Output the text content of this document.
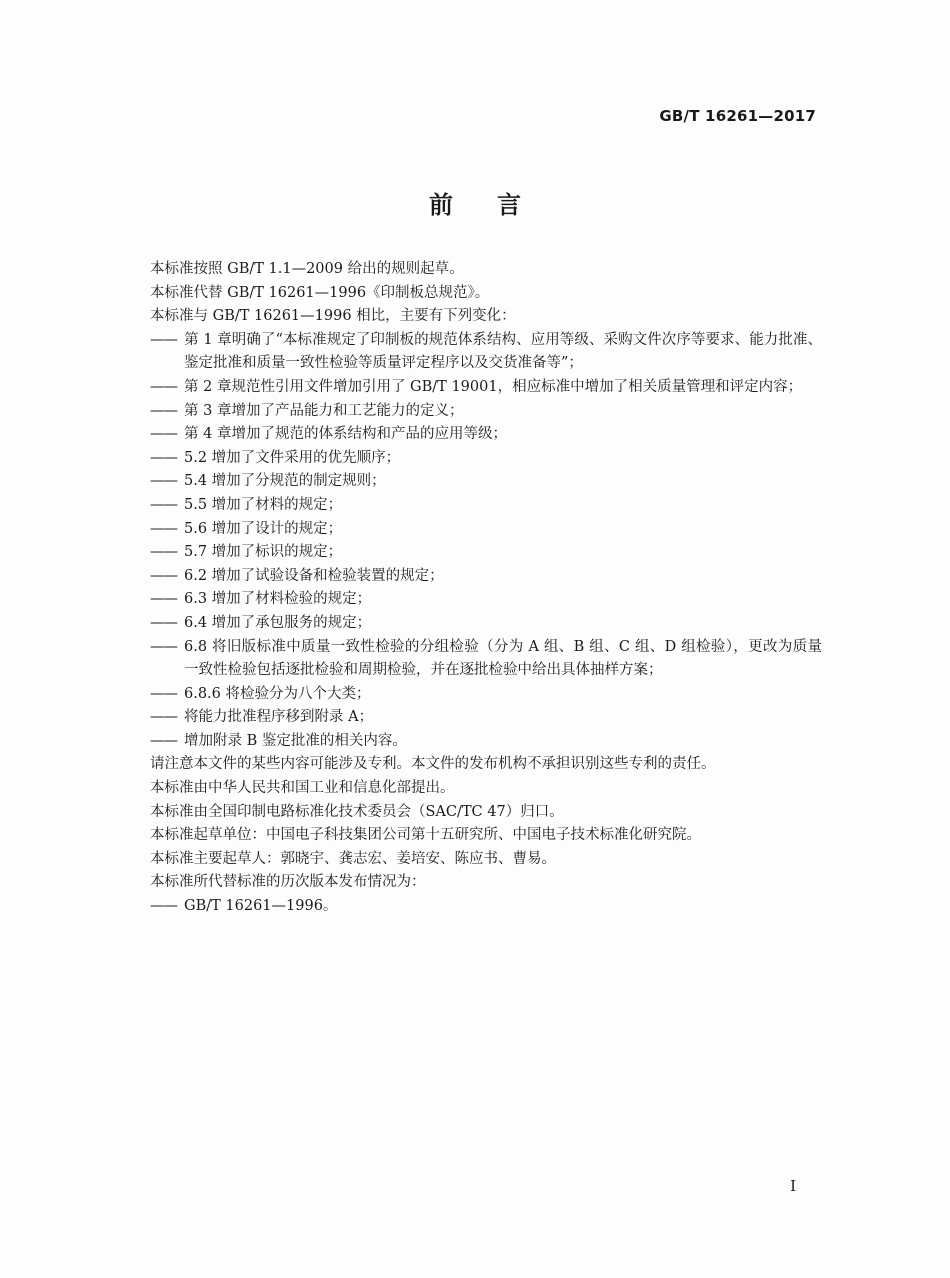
GB/T 16261—2017
前言

本标准按照 GB/T 1.1—2009 给出的规则起草。

本标准代替 GB/T 16261—1996《印制板总规范》。

本标准与 GB/T 16261—1996 相比，主要有下列变化：

—— 第 1 章明确了“本标准规定了印制板的规范体系结构、应用等级、采购文件次序等要求、能力批准、鉴定批准和质量一致性检验等质量评定程序以及交货准备等”；

—— 第 2 章规范性引用文件增加引用了 GB/T 19001，相应标准中增加了相关质量管理和评定内容；

—— 第 3 章增加了产品能力和工艺能力的定义；

—— 第 4 章增加了规范的体系结构和产品的应用等级；

—— 5.2 增加了文件采用的优先顺序；

—— 5.4 增加了分规范的制定规则；

—— 5.5 增加了材料的规定；

—— 5.6 增加了设计的规定；

—— 5.7 增加了标识的规定；

—— 6.2 增加了试验设备和检验装置的规定；

—— 6.3 增加了材料检验的规定；

—— 6.4 增加了承包服务的规定；

—— 6.8 将旧版标准中质量一致性检验的分组检验（分为 A 组、B 组、C 组、D 组检验），更改为质量一致性检验包括逐批检验和周期检验，并在逐批检验中给出具体抽样方案；

—— 6.8.6 将检验分为八个大类；

—— 将能力批准程序移到附录 A；

—— 增加附录 B 鉴定批准的相关内容。

请注意本文件的某些内容可能涉及专利。本文件的发布机构不承担识别这些专利的责任。

本标准由中华人民共和国工业和信息化部提出。

本标准由全国印制电路标准化技术委员会（SAC/TC 47）归口。

本标准起草单位：中国电子科技集团公司第十五研究所、中国电子技术标准化研究院。

本标准主要起草人：郭晓宇、龚志宏、姜培安、陈应书、曹易。

本标准所代替标准的历次版本发布情况为：

—— GB/T 16261—1996。

I
